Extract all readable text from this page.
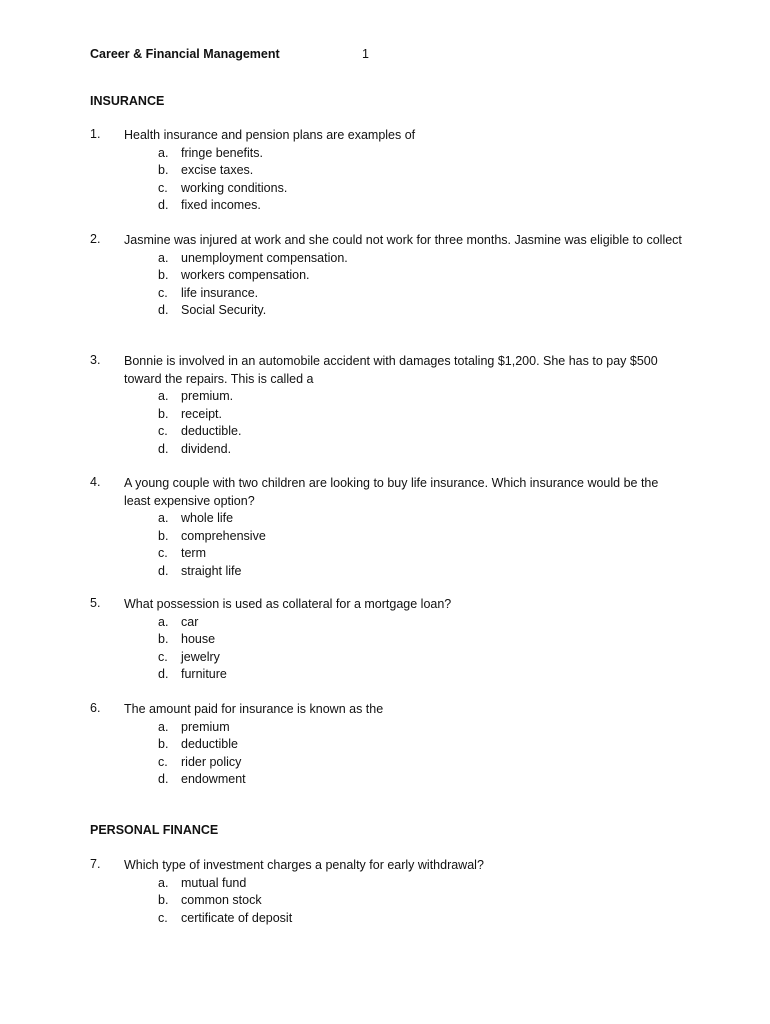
Career & Financial Management	1
INSURANCE
1. Health insurance and pension plans are examples of
a. fringe benefits.
b. excise taxes.
c. working conditions.
d. fixed incomes.
2. Jasmine was injured at work and she could not work for three months. Jasmine was eligible to collect
a. unemployment compensation.
b. workers compensation.
c. life insurance.
d. Social Security.
3. Bonnie is involved in an automobile accident with damages totaling $1,200. She has to pay $500 toward the repairs. This is called a
a. premium.
b. receipt.
c. deductible.
d. dividend.
4. A young couple with two children are looking to buy life insurance. Which insurance would be the least expensive option?
a. whole life
b. comprehensive
c. term
d. straight life
5. What possession is used as collateral for a mortgage loan?
a. car
b. house
c. jewelry
d. furniture
6. The amount paid for insurance is known as the
a. premium
b. deductible
c. rider policy
d. endowment
PERSONAL FINANCE
7. Which type of investment charges a penalty for early withdrawal?
a. mutual fund
b. common stock
c. certificate of deposit
